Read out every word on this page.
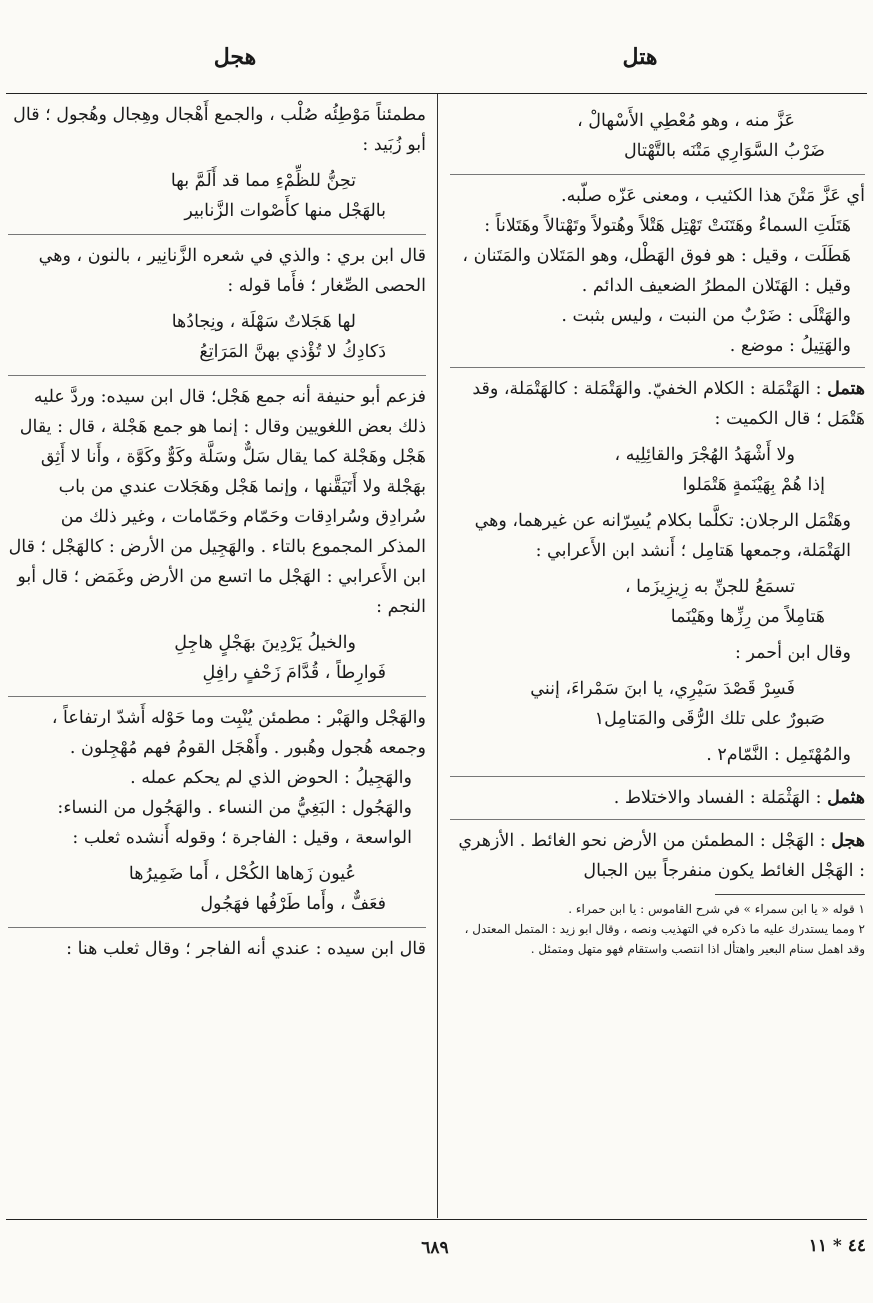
هتل
هجل
عَزَّ منه ، وهو مُعْطِي الأَسْهالْ ،
ضَرْبُ السَّوَارِي مَتْنَه بالتَّهْتال

أي عَزَّ مَتْنَ هذا الكثيب ، ومعنى عَزّه صلّبه.

هَتَلَتِ السماءُ وهَتَنَتْ تَهْتِل هَتْلاً وهُتولاً وتَهْتالاً وهَتَلاناً : هَطَلَت ، وقيل : هو فوق الهَطْل، وهو المَتَلان والمَتَنان ، وقيل : الهَتَلان المطرُ الضعيف الدائم .

والهَتْلَى : ضَرْبٌ من النبت ، وليس بثبت .

والهَتِيلُ : موضع .

هتمل : الهَتْمَلة : الكلام الخفيّ. والهَتْمَلة : كالهَتْمَلة، وقد هَتْمَل ؛ قال الكميت :

ولا أَشْهَدُ الهُجْرَ والقائِلِيه ،
إذا هُمْ بِهَيْنَمةٍ هَتْمَلوا

وهَتْمَل الرجلان: تكلَّما بكلام يُسِرّانه عن غيرهما، وهي الهَتْمَلة، وجمعها هَتامِل ؛ أَنشد ابن الأَعرابي :

تسمَعُ للجنِّ به زِيزِيزَما ،
هَتامِلاً من رِزِّها وهَيْنَما

وقال ابن أحمر :

فَسِرْ قَصْدَ سَيْرِي، يا ابنَ سَمْراءَ، إنني
صَبورٌ على تلك الرُّقَى والمَتامِل١

والمُهْتَمِل : النَّمّام٢ .

هثمل : الهَثْمَلة : الفساد والاختلاط .

هجل : الهَجْل : المطمئن من الأرض نحو الغائط . الأزهري : الهَجْل الغائط يكون منفرجاً بين الجبال

١ قوله « يا ابن سمراء » في شرح القاموس : يا ابن حمراء .
٢ ومما يستدرك عليه ما ذكره في التهذيب ونصه ، وقال ابو زيد : المتمل المعتدل ، وقد اهمل سنام البعير واهتأل اذا انتصب واستقام فهو متهل ومتمئل .

مطمئناً مَوْطِئُه صُلْب ، والجمع أَهْجال وهِجال وهُجول ؛ قال أبو زُبَيد :

تحِنُّ للظِّمْءِ مما قد أَلَمَّ بها
بالهَجْل منها كأَصْوات الزَّنابير

قال ابن بري : والذي في شعره الزَّنانِير ، بالنون ، وهي الحصى الصِّغار ؛ فأَما قوله :

لها هَجَلاتٌ سَهْلَة ، ونِجادُها
دَكادِكُ لا تُؤْذي بهنَّ المَرَاتِعُ

فزعم أبو حنيفة أنه جمع هَجْل؛ قال ابن سيده: وردَّ عليه ذلك بعض اللغويين وقال : إنما هو جمع هَجْلة ، قال : يقال هَجْل وهَجْلة كما يقال سَلٌّ وسَلَّة وكَوٌّ وكَوَّة ، وأَنا لا أَثِق بهَجْلة ولا أَتَيَقَّنها ، وإنما هَجْل وهَجَلات عندي من باب سُرادِق وسُرادِقات وحَمّام وحَمّامات ، وغير ذلك من المذكر المجموع بالتاء . والهَجِيل من الأرض : كالهَجْل ؛ قال ابن الأَعرابي : الهَجْل ما اتسع من الأرض وغَمَض ؛ قال أبو النجم :

والخيلُ يَرْدِينَ بهَجْلٍ هاجِلِ
فَوارِطاً ، قُدَّامَ زَحْفٍ رافِلِ

والهَجْل والهَبْر : مطمئن يُنْبِت وما حَوْله أَشدّ ارتفاعاً ، وجمعه هُجول وهُبور . وأَهْجَل القومُ فهم مُهْجِلون .

والهَجِيلُ : الحوض الذي لم يحكم عمله .

والهَجُول : البَغِيُّ من النساء . والهَجُول من النساء: الواسعة ، وقيل : الفاجرة ؛ وقوله أَنشده ثعلب :

عُيون زَهاها الكُحْل ، أَما ضَمِيرُها
فعَفٌّ ، وأَما طَرْفُها فهَجُول

قال ابن سيده : عندي أنه الفاجر ؛ وقال ثعلب هنا :

٦٨٩	٤٤ * ١١
